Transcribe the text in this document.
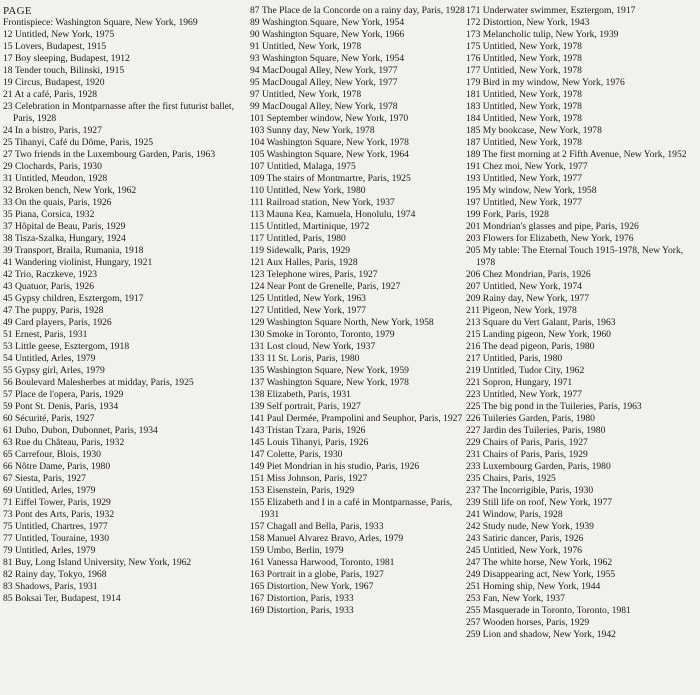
PAGE
Frontispiece: Washington Square, New York, 1969
12 Untitled, New York, 1975
15 Lovers, Budapest, 1915
17 Boy sleeping, Budapest, 1912
18 Tender touch, Bilinski, 1915
19 Circus, Budapest, 1920
21 At a café, Paris, 1928
23 Celebration in Montparnasse after the first futurist ballet, Paris, 1928
24 In a bistro, Paris, 1927
25 Tihanyi, Café du Dôme, Paris, 1925
27 Two friends in the Luxembourg Garden, Paris, 1963
29 Clochards, Paris, 1930
31 Untitled, Meudon, 1928
32 Broken bench, New York, 1962
33 On the quais, Paris, 1926
35 Piana, Corsica, 1932
37 Hôpital de Beau, Paris, 1929
38 Tisza-Szalka, Hungary, 1924
39 Transport, Braila, Rumania, 1918
41 Wandering violinist, Hungary, 1921
42 Trio, Raczkeve, 1923
43 Quatuor, Paris, 1926
45 Gypsy children, Esztergom, 1917
47 The puppy, Paris, 1928
49 Card players, Paris, 1926
51 Ernest, Paris, 1931
53 Little geese, Esztergom, 1918
54 Untitled, Arles, 1979
55 Gypsy girl, Arles, 1979
56 Boulevard Malesherbes at midday, Paris, 1925
57 Place de l'opera, Paris, 1929
59 Pont St. Denis, Paris, 1934
60 Sécurité, Paris, 1927
61 Dubo, Dubon, Dubonnet, Paris, 1934
63 Rue du Château, Paris, 1932
65 Carrefour, Blois, 1930
66 Nôtre Dame, Paris, 1980
67 Siesta, Paris, 1927
69 Untitled, Arles, 1979
71 Eiffel Tower, Paris, 1929
73 Pont des Arts, Paris, 1932
75 Untitled, Chartres, 1977
77 Untitled, Touraine, 1930
79 Untitled, Arles, 1979
81 Buy, Long Island University, New York, 1962
82 Rainy day, Tokyo, 1968
83 Shadows, Paris, 1931
85 Boksai Ter, Budapest, 1914
87 The Place de la Concorde on a rainy day, Paris, 1928
89 Washington Square, New York, 1954
90 Washington Square, New York, 1966
91 Untitled, New York, 1978
93 Washington Square, New York, 1954
94 MacDougal Alley, New York, 1977
95 MacDougal Alley, New York, 1977
97 Untitled, New York, 1978
99 MacDougal Alley, New York, 1978
101 September window, New York, 1970
103 Sunny day, New York, 1978
104 Washington Square, New York, 1978
105 Washington Square, New York, 1964
107 Untitled, Malaga, 1975
109 The stairs of Montmartre, Paris, 1925
110 Untitled, New York, 1980
111 Railroad station, New York, 1937
113 Mauna Kea, Kamuela, Honolulu, 1974
115 Untitled, Martinique, 1972
117 Untitled, Paris, 1980
119 Sidewalk, Paris, 1929
121 Aux Halles, Paris, 1928
123 Telephone wires, Paris, 1927
124 Near Pont de Grenelle, Paris, 1927
125 Untitled, New York, 1963
127 Untitled, New York, 1977
129 Washington Square North, New York, 1958
130 Smoke in Toronto, Toronto, 1979
131 Lost cloud, New York, 1937
133 11 St. Loris, Paris, 1980
135 Washington Square, New York, 1959
137 Washington Square, New York, 1978
138 Elizabeth, Paris, 1931
139 Self portrait, Paris, 1927
141 Paul Dermée, Prampolini and Seuphor, Paris, 1927
143 Tristan Tzara, Paris, 1926
145 Louis Tihanyi, Paris, 1926
147 Colette, Paris, 1930
149 Piet Mondrian in his studio, Paris, 1926
151 Miss Johnson, Paris, 1927
153 Eisenstein, Paris, 1929
155 Elizabeth and I in a café in Montparnasse, Paris, 1931
157 Chagall and Bella, Paris, 1933
158 Manuel Alvarez Bravo, Arles, 1979
159 Umbo, Berlin, 1979
161 Vanessa Harwood, Toronto, 1981
163 Portrait in a globe, Paris, 1927
165 Distortion, New York, 1967
167 Distortion, Paris, 1933
169 Distortion, Paris, 1933
171 Underwater swimmer, Esztergom, 1917
172 Distortion, New York, 1943
173 Melancholic tulip, New York, 1939
175 Untitled, New York, 1978
176 Untitled, New York, 1978
177 Untitled, New York, 1978
179 Bird in my window, New York, 1976
181 Untitled, New York, 1978
183 Untitled, New York, 1978
184 Untitled, New York, 1978
185 My bookcase, New York, 1978
187 Untitled, New York, 1978
189 The first morning at 2 Fifth Avenue, New York, 1952
191 Chez moi, New York, 1977
193 Untitled, New York, 1977
195 My window, New York, 1958
197 Untitled, New York, 1977
199 Fork, Paris, 1928
201 Mondrian's glasses and pipe, Paris, 1926
203 Flowers for Elizabeth, New York, 1976
205 My table: The Eternal Touch 1915-1978, New York, 1978
206 Chez Mondrian, Paris, 1926
207 Untitled, New York, 1974
209 Rainy day, New York, 1977
211 Pigeon, New York, 1978
213 Square du Vert Galant, Paris, 1963
215 Landing pigeon, New York, 1960
216 The dead pigeon, Paris, 1980
217 Untitled, Paris, 1980
219 Untitled, Tudor City, 1962
221 Sopron, Hungary, 1971
223 Untitled, New York, 1977
225 The big pond in the Tuileries, Paris, 1963
226 Tuileries Garden, Paris, 1980
227 Jardin des Tuileries, Paris, 1980
229 Chairs of Paris, Paris, 1927
231 Chairs of Paris, Paris, 1929
233 Luxembourg Garden, Paris, 1980
235 Chairs, Paris, 1925
237 The Incorrigible, Paris, 1930
239 Still life on roof, New York, 1977
241 Window, Paris, 1928
242 Study nude, New York, 1939
243 Satiric dancer, Paris, 1926
245 Untitled, New York, 1976
247 The white horse, New York, 1962
249 Disappearing act, New York, 1955
251 Homing ship, New York, 1944
253 Fan, New York, 1937
255 Masquerade in Toronto, Toronto, 1981
257 Wooden horses, Paris, 1929
259 Lion and shadow, New York, 1942
